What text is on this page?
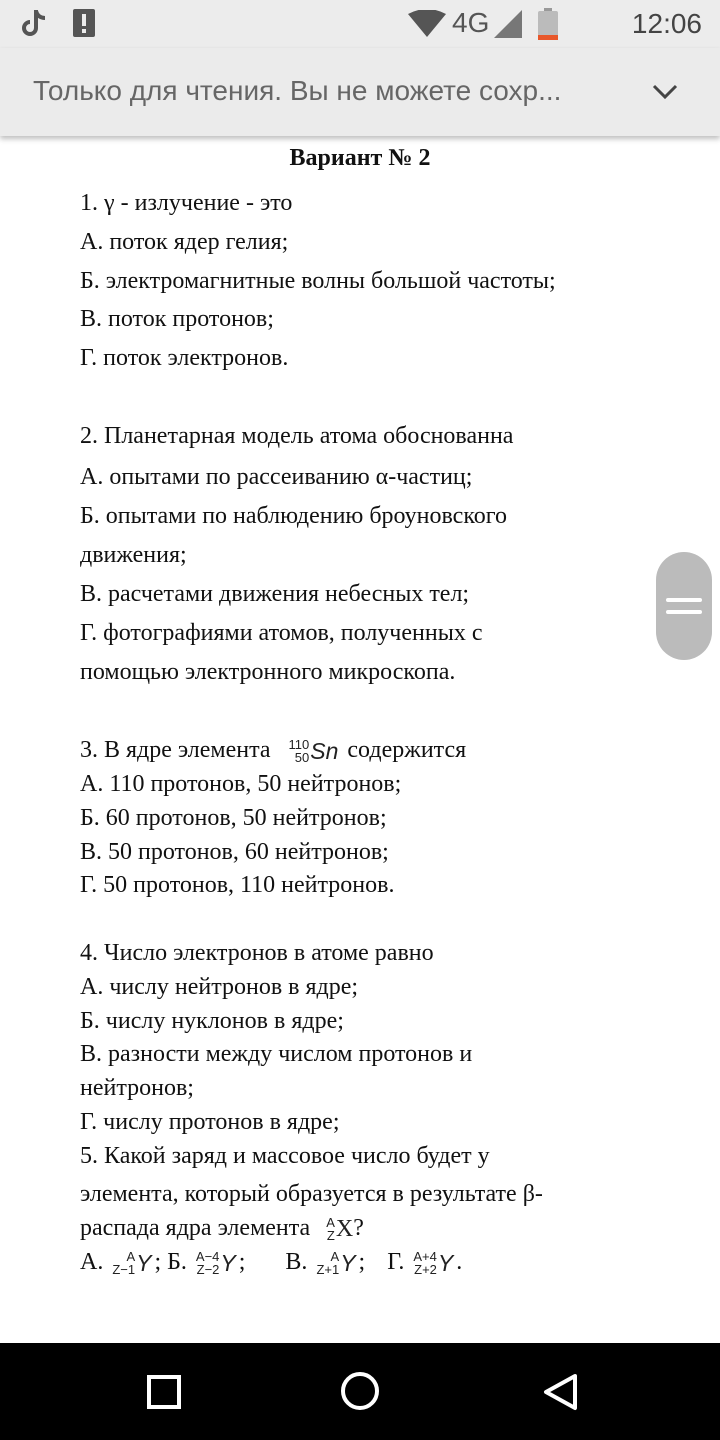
4G	12:06
Только для чтения. Вы не можете сохр...
Вариант № 2
1. γ - излучение - это
А. поток ядер гелия;
Б. электромагнитные волны большой частоты;
В. поток протонов;
Г. поток электронов.
2. Планетарная модель атома обоснованна
А. опытами по рассеиванию α-частиц;
Б. опытами по наблюдению броуновского
движения;
В. расчетами движения небесных тел;
Г. фотографиями атомов, полученных с
помощью электронного микроскопа.
3. В ядре элемента 110
50 Sn содержится
А. 110 протонов, 50 нейтронов;
Б. 60 протонов, 50 нейтронов;
В. 50 протонов, 60 нейтронов;
Г. 50 протонов, 110 нейтронов.
4. Число электронов в атоме равно
А. числу нейтронов в ядре;
Б. числу нуклонов в ядре;
В. разности между числом протонов и
нейтронов;
Г. числу протонов в ядре;
5. Какой заряд и массовое число будет у
элемента, который образуется в результате β-
распада ядра элемента A
Z X ?
А.	A
Z−1 Y ; Б. A−4
Z−2 Y ; В.	A
Z+1 Y ; Г. A+4
Z+2 Y .
